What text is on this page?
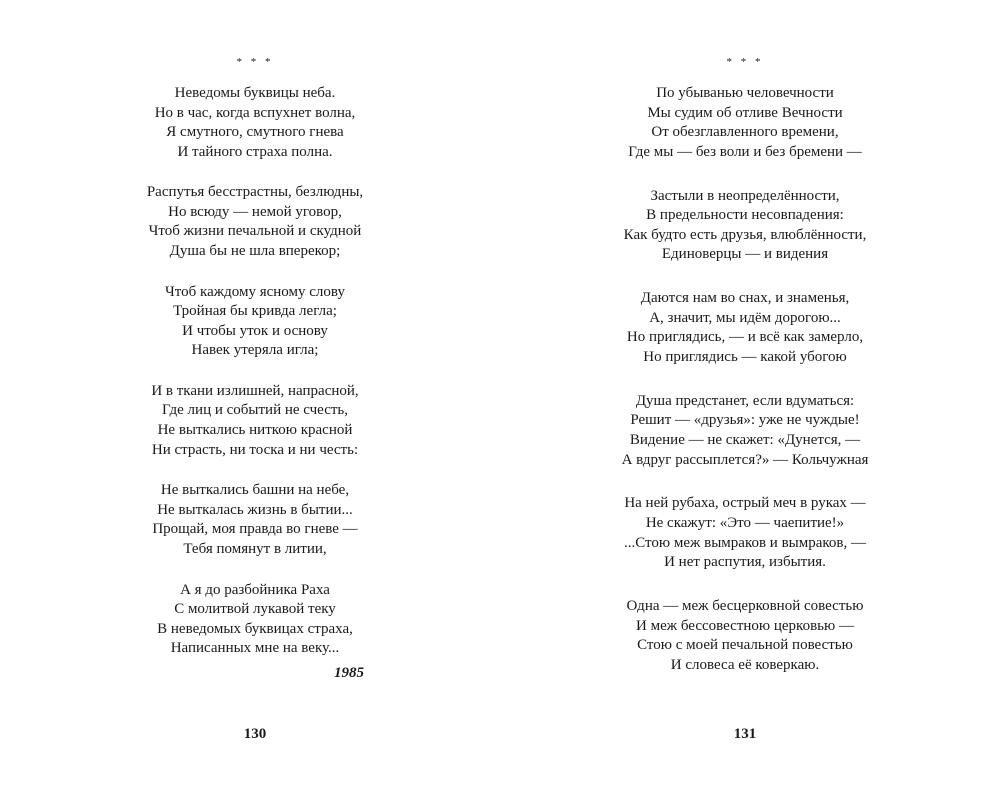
* * *
Неведомы буквицы неба.
Но в час, когда вспухнет волна,
Я смутного, смутного гнева
И тайного страха полна.
Распутья бесстрастны, безлюдны,
Но всюду — немой уговор,
Чтоб жизни печальной и скудной
Душа бы не шла вперекор;
Чтоб каждому ясному слову
Тройная бы кривда легла;
И чтобы уток и основу
Навек утеряла игла;
И в ткани излишней, напрасной,
Где лиц и событий не счесть,
Не выткались ниткою красной
Ни страсть, ни тоска и ни честь:
Не выткались башни на небе,
Не выткалась жизнь в бытии...
Прощай, моя правда во гневе —
Тебя помянут в литии,
А я до разбойника Раха
С молитвой лукавой теку
В неведомых буквицах страха,
Написанных мне на веку...
1985
130
* * *
По убыванью человечности
Мы судим об отливе Вечности
От обезглавленного времени,
Где мы — без воли и без бремени —
Застыли в неопределённости,
В предельности несовпадения:
Как будто есть друзья, влюблённости,
Единоверцы — и видения
Даются нам во снах, и знаменья,
А, значит, мы идём дорогою...
Но приглядись, — и всё как замерло,
Но приглядись — какой убогою
Душа предстанет, если вдуматься:
Решит — «друзья»: уже не чуждые!
Видение — не скажет: «Дунется, —
А вдруг рассыплется?» — Кольчужная
На ней рубаха, острый меч в руках —
Не скажут: «Это — чаепитие!»
...Стою меж вымраков и вымраков, —
И нет распутия, избытия.
Одна — меж бесцерковной совестью
И меж бессовестною церковью —
Стою с моей печальной повестью
И словеса её коверкаю.
131
